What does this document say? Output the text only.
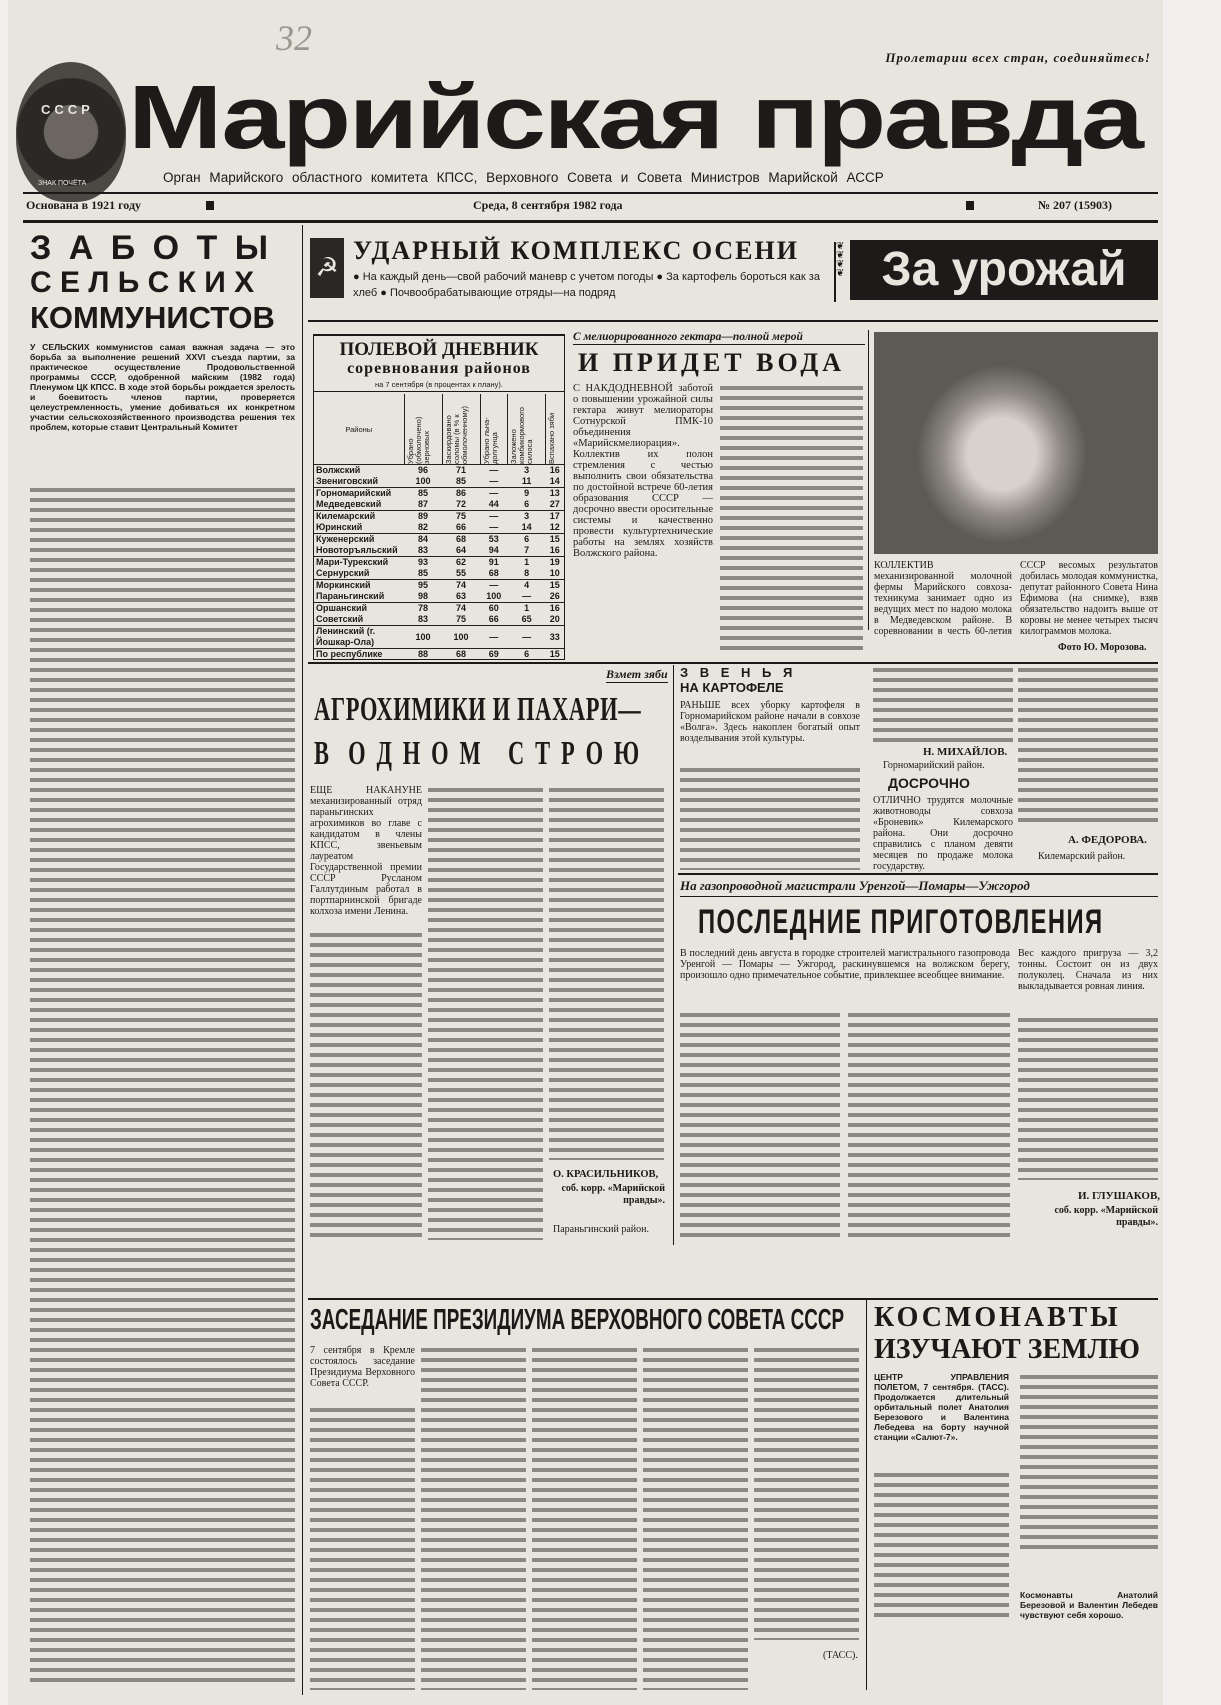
СССР
ЗНАК ПОЧЁТА
32	Пролетарии всех стран, соединяйтесь!
Марийская правда
Орган Марийского областного комитета КПСС, Верховного Совета и Совета Министров Марийской АССР
Основана в 1921 году	Среда, 8 сентября 1982 года	№ 207 (15903)
З А Б О Т Ы
С Е Л Ь С К И Х
КОММУНИСТОВ
У СЕЛЬСКИХ коммунистов самая важная задача — это борьба за выполнение решений XXVI съезда партии, за практическое осуществление Продовольственной программы СССР, одобренной майским (1982 года) Пленумом ЦК КПСС. В ходе этой борьбы рождается зрелость и боевитость членов партии, проверяется целеустремленность, умение добиваться их конкретном участии сельскохозяйственного производства решения тех проблем, которые ставит Центральный Комитет
☭
УДАРНЫЙ КОМПЛЕКС ОСЕНИ
● На каждый день—свой рабочий маневр с учетом погоды ● За картофель бороться как за хлеб ● Почвообрабатывающие отряды—на подряд
❦
❦
❦
❦ За урожай
ПОЛЕВОЙ ДНЕВНИК
соревнования районов
на 7 сентября (в процентах к плану).
Районы	Убрано (обмолочено) зерновых	Заскирдовано соломы (в % к обмолоченному)	Убрано льна-долгунца	Заложено комбикормового силоса	Вспахано зяби

Волжский	96	71	—	3	16
Звениговский	100	85	—	11	14
Горномарийский	85	86	—	9	13
Медведевский	87	72	44	6	27
Килемарский	89	75	—	3	17
Юринский	82	66	—	14	12
Куженерский	84	68	53	6	15
Новоторъяльский	83	64	94	7	16
Мари-Турекский	93	62	91	1	19
Сернурский	85	55	68	8	10
Моркинский	95	74	—	4	15
Параньгинский	98	63	100	—	26
Оршанский	78	74	60	1	16
Советский	83	75	66	65	20
Ленинский (г. Йошкар-Ола)	100	100	—	—	33
По республике	88	68	69	6	15
С мелиорированного гектара—полной мерой
И ПРИДЕТ ВОДА
С НАКДОДНЕВНОЙ заботой о повышении урожайной силы гектара живут мелиораторы Сотнурской ПМК-10 объединения «Марийскмелиорация». Коллектив их полон стремления с честью выполнить свои обязательства по достойной встрече 60-летия образования СССР — досрочно ввести оросительные системы и качественно провести культуртехнические работы на землях хозяйств Волжского района.
КОЛЛЕКТИВ механизированной молочной фермы Марийского совхоза-техникума занимает одно из ведущих мест по надою молока в Медведевском районе. В соревновании в честь 60-летия СССР весомых результатов добилась молодая коммунистка, депутат районного Совета Нина Ефимова (на снимке), взяв обязательство надоить выше от коровы не менее четырех тысяч килограммов молока.
Фото Ю. Морозова.
Взмет зяби
АГРОХИМИКИ И ПАХАРИ—
В  О Д Н О М   С Т Р О Ю
ЕЩЕ НАКАНУНЕ механизированный отряд параньгинских агрохимиков во главе с кандидатом в члены КПСС, звеньевым лауреатом Государственной премии СССР Русланом Галлутдиным работал в портпарнинской бригаде колхоза имени Ленина.
О. КРАСИЛЬНИКОВ,
соб. корр. «Марийской правды».
Параньгинский район.
З В Е Н Ь Я
НА КАРТОФЕЛЕ
РАНЬШЕ всех уборку картофеля в Горномарийском районе начали в совхозе «Волга». Здесь накоплен богатый опыт возделывания этой культуры.
Н. МИХАЙЛОВ.
Горномарийский район.
ДОСРОЧНО
ОТЛИЧНО трудятся молочные животноводы совхоза «Броневик» Килемарского района. Они досрочно справились с планом девяти месяцев по продаже молока государству.
А. ФЕДОРОВА.
Килемарский район.
На газопроводной магистрали Уренгой—Помары—Ужгород
ПОСЛЕДНИЕ ПРИГОТОВЛЕНИЯ
В последний день августа в городке строителей магистрального газопровода Уренгой — Помары — Ужгород, раскинувшемся на волжском берегу, произошло одно примечательное событие, привлекшее всеобщее внимание.
Вес каждого пригруза — 3,2 тонны. Состоит он из двух полуколец. Сначала из них выкладывается ровная линия.
И. ГЛУШАКОВ,
соб. корр. «Марийской правды».
ЗАСЕДАНИЕ ПРЕЗИДИУМА ВЕРХОВНОГО СОВЕТА СССР
7 сентября в Кремле состоялось заседание Президиума Верховного Совета СССР.
(ТАСС).
КОСМОНАВТЫ
ИЗУЧАЮТ ЗЕМЛЮ
ЦЕНТР УПРАВЛЕНИЯ ПОЛЕТОМ, 7 сентября. (ТАСС). Продолжается длительный орбитальный полет Анатолия Березового и Валентина Лебедева на борту научной станции «Салют-7».
Космонавты Анатолий Березовой и Валентин Лебедев чувствуют себя хорошо.
